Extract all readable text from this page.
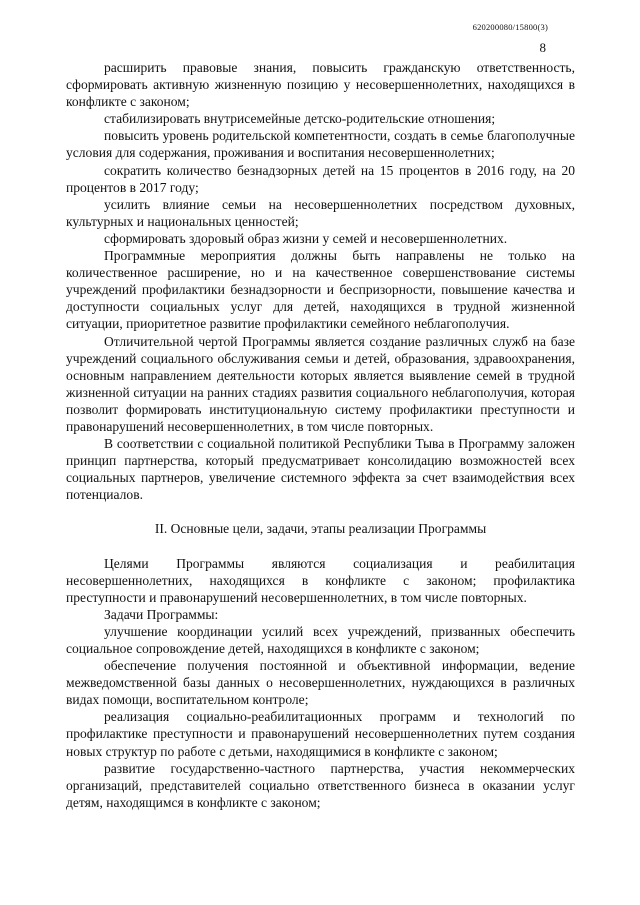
620200080/15800(3)
8

расширить правовые знания, повысить гражданскую ответственность, сформировать активную жизненную позицию у несовершеннолетних, находящихся в конфликте с законом;

стабилизировать внутрисемейные детско-родительские отношения;

повысить уровень родительской компетентности, создать в семье благополучные условия для содержания, проживания и воспитания несовершеннолетних;

сократить количество безнадзорных детей на 15 процентов в 2016 году, на 20 процентов в 2017 году;

усилить влияние семьи на несовершеннолетних посредством духовных, культурных и национальных ценностей;

сформировать здоровый образ жизни у семей и несовершеннолетних.

Программные мероприятия должны быть направлены не только на количественное расширение, но и на качественное совершенствование системы учреждений профилактики безнадзорности и беспризорности, повышение качества и доступности социальных услуг для детей, находящихся в трудной жизненной ситуации, приоритетное развитие профилактики семейного неблагополучия.

Отличительной чертой Программы является создание различных служб на базе учреждений социального обслуживания семьи и детей, образования, здравоохранения, основным направлением деятельности которых является выявление семей в трудной жизненной ситуации на ранних стадиях развития социального неблагополучия, которая позволит формировать институциональную систему профилактики преступности и правонарушений несовершеннолетних, в том числе повторных.

В соответствии с социальной политикой Республики Тыва в Программу заложен принцип партнерства, который предусматривает консолидацию возможностей всех социальных партнеров, увеличение системного эффекта за счет взаимодействия всех потенциалов.

II. Основные цели, задачи, этапы реализации Программы

Целями Программы являются социализация и реабилитация несовершеннолетних, находящихся в конфликте с законом; профилактика преступности и правонарушений несовершеннолетних, в том числе повторных.

Задачи Программы:

улучшение координации усилий всех учреждений, призванных обеспечить социальное сопровождение детей, находящихся в конфликте с законом;

обеспечение получения постоянной и объективной информации, ведение межведомственной базы данных о несовершеннолетних, нуждающихся в различных видах помощи, воспитательном контроле;

реализация социально-реабилитационных программ и технологий по профилактике преступности и правонарушений несовершеннолетних путем создания новых структур по работе с детьми, находящимися в конфликте с законом;

развитие государственно-частного партнерства, участия некоммерческих организаций, представителей социально ответственного бизнеса в оказании услуг детям, находящимся в конфликте с законом;
